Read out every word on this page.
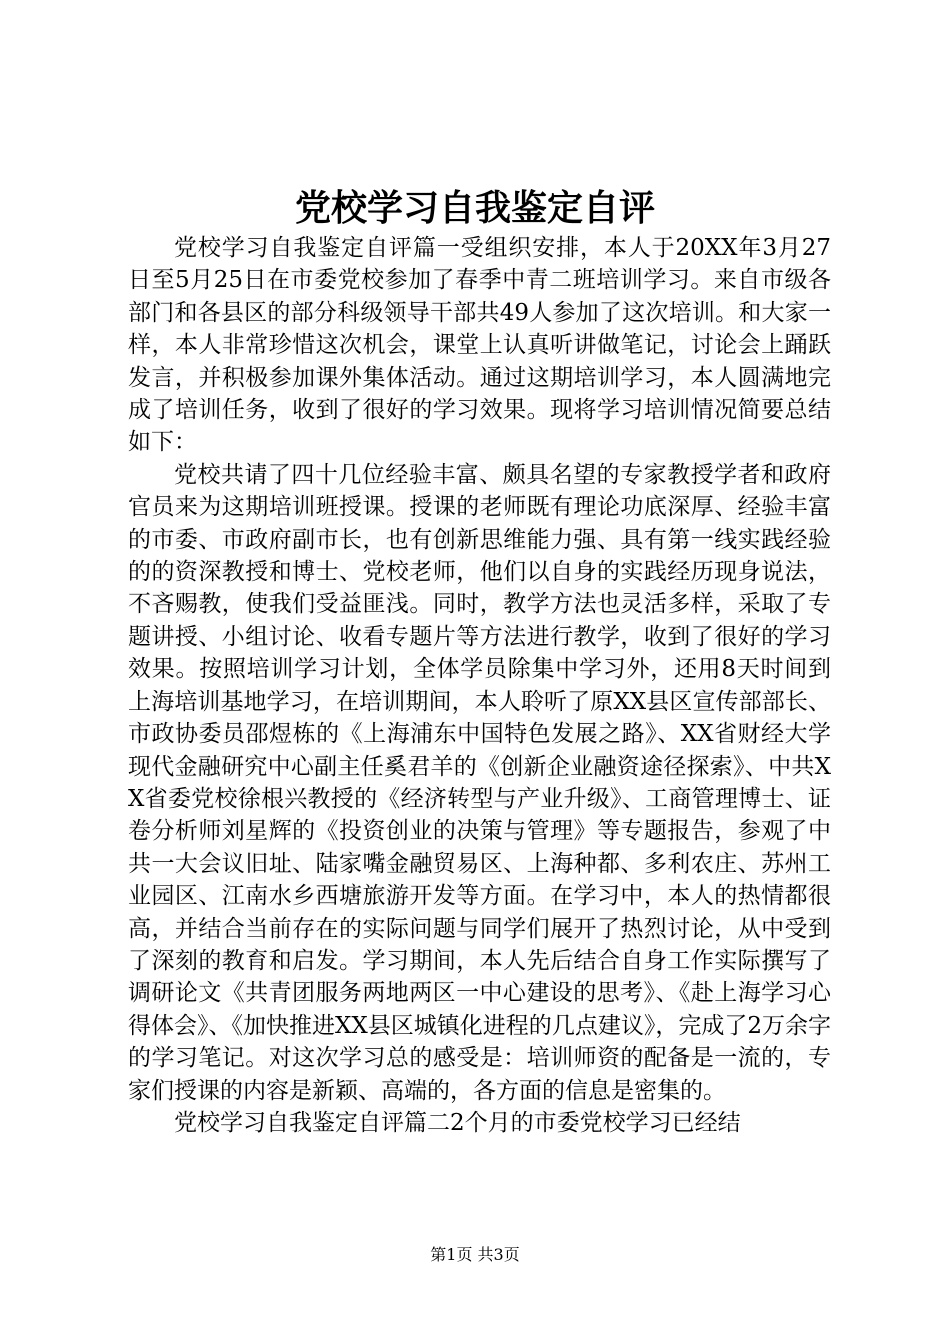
党校学习自我鉴定自评

党校学习自我鉴定自评篇一受组织安排，本人于20XX年3月27日至5月25日在市委党校参加了春季中青二班培训学习。来自市级各部门和各县区的部分科级领导干部共49人参加了这次培训。和大家一样，本人非常珍惜这次机会，课堂上认真听讲做笔记，讨论会上踊跃发言，并积极参加课外集体活动。通过这期培训学习，本人圆满地完成了培训任务，收到了很好的学习效果。现将学习培训情况简要总结如下：

党校共请了四十几位经验丰富、颇具名望的专家教授学者和政府官员来为这期培训班授课。授课的老师既有理论功底深厚、经验丰富的市委、市政府副市长，也有创新思维能力强、具有第一线实践经验的的资深教授和博士、党校老师，他们以自身的实践经历现身说法，不吝赐教，使我们受益匪浅。同时，教学方法也灵活多样，采取了专题讲授、小组讨论、收看专题片等方法进行教学，收到了很好的学习效果。按照培训学习计划，全体学员除集中学习外，还用8天时间到上海培训基地学习，在培训期间，本人聆听了原XX县区宣传部部长、市政协委员邵煜栋的《上海浦东中国特色发展之路》、XX省财经大学现代金融研究中心副主任奚君羊的《创新企业融资途径探索》、中共XX省委党校徐根兴教授的《经济转型与产业升级》、工商管理博士、证卷分析师刘星辉的《投资创业的决策与管理》等专题报告，参观了中共一大会议旧址、陆家嘴金融贸易区、上海种都、多利农庄、苏州工业园区、江南水乡西塘旅游开发等方面。在学习中，本人的热情都很高，并结合当前存在的实际问题与同学们展开了热烈讨论，从中受到了深刻的教育和启发。学习期间，本人先后结合自身工作实际撰写了调研论文《共青团服务两地两区一中心建设的思考》、《赴上海学习心得体会》、《加快推进XX县区城镇化进程的几点建议》，完成了2万余字的学习笔记。对这次学习总的感受是：培训师资的配备是一流的，专家们授课的内容是新颖、高端的，各方面的信息是密集的。

党校学习自我鉴定自评篇二2个月的市委党校学习已经结

第1页 共3页
